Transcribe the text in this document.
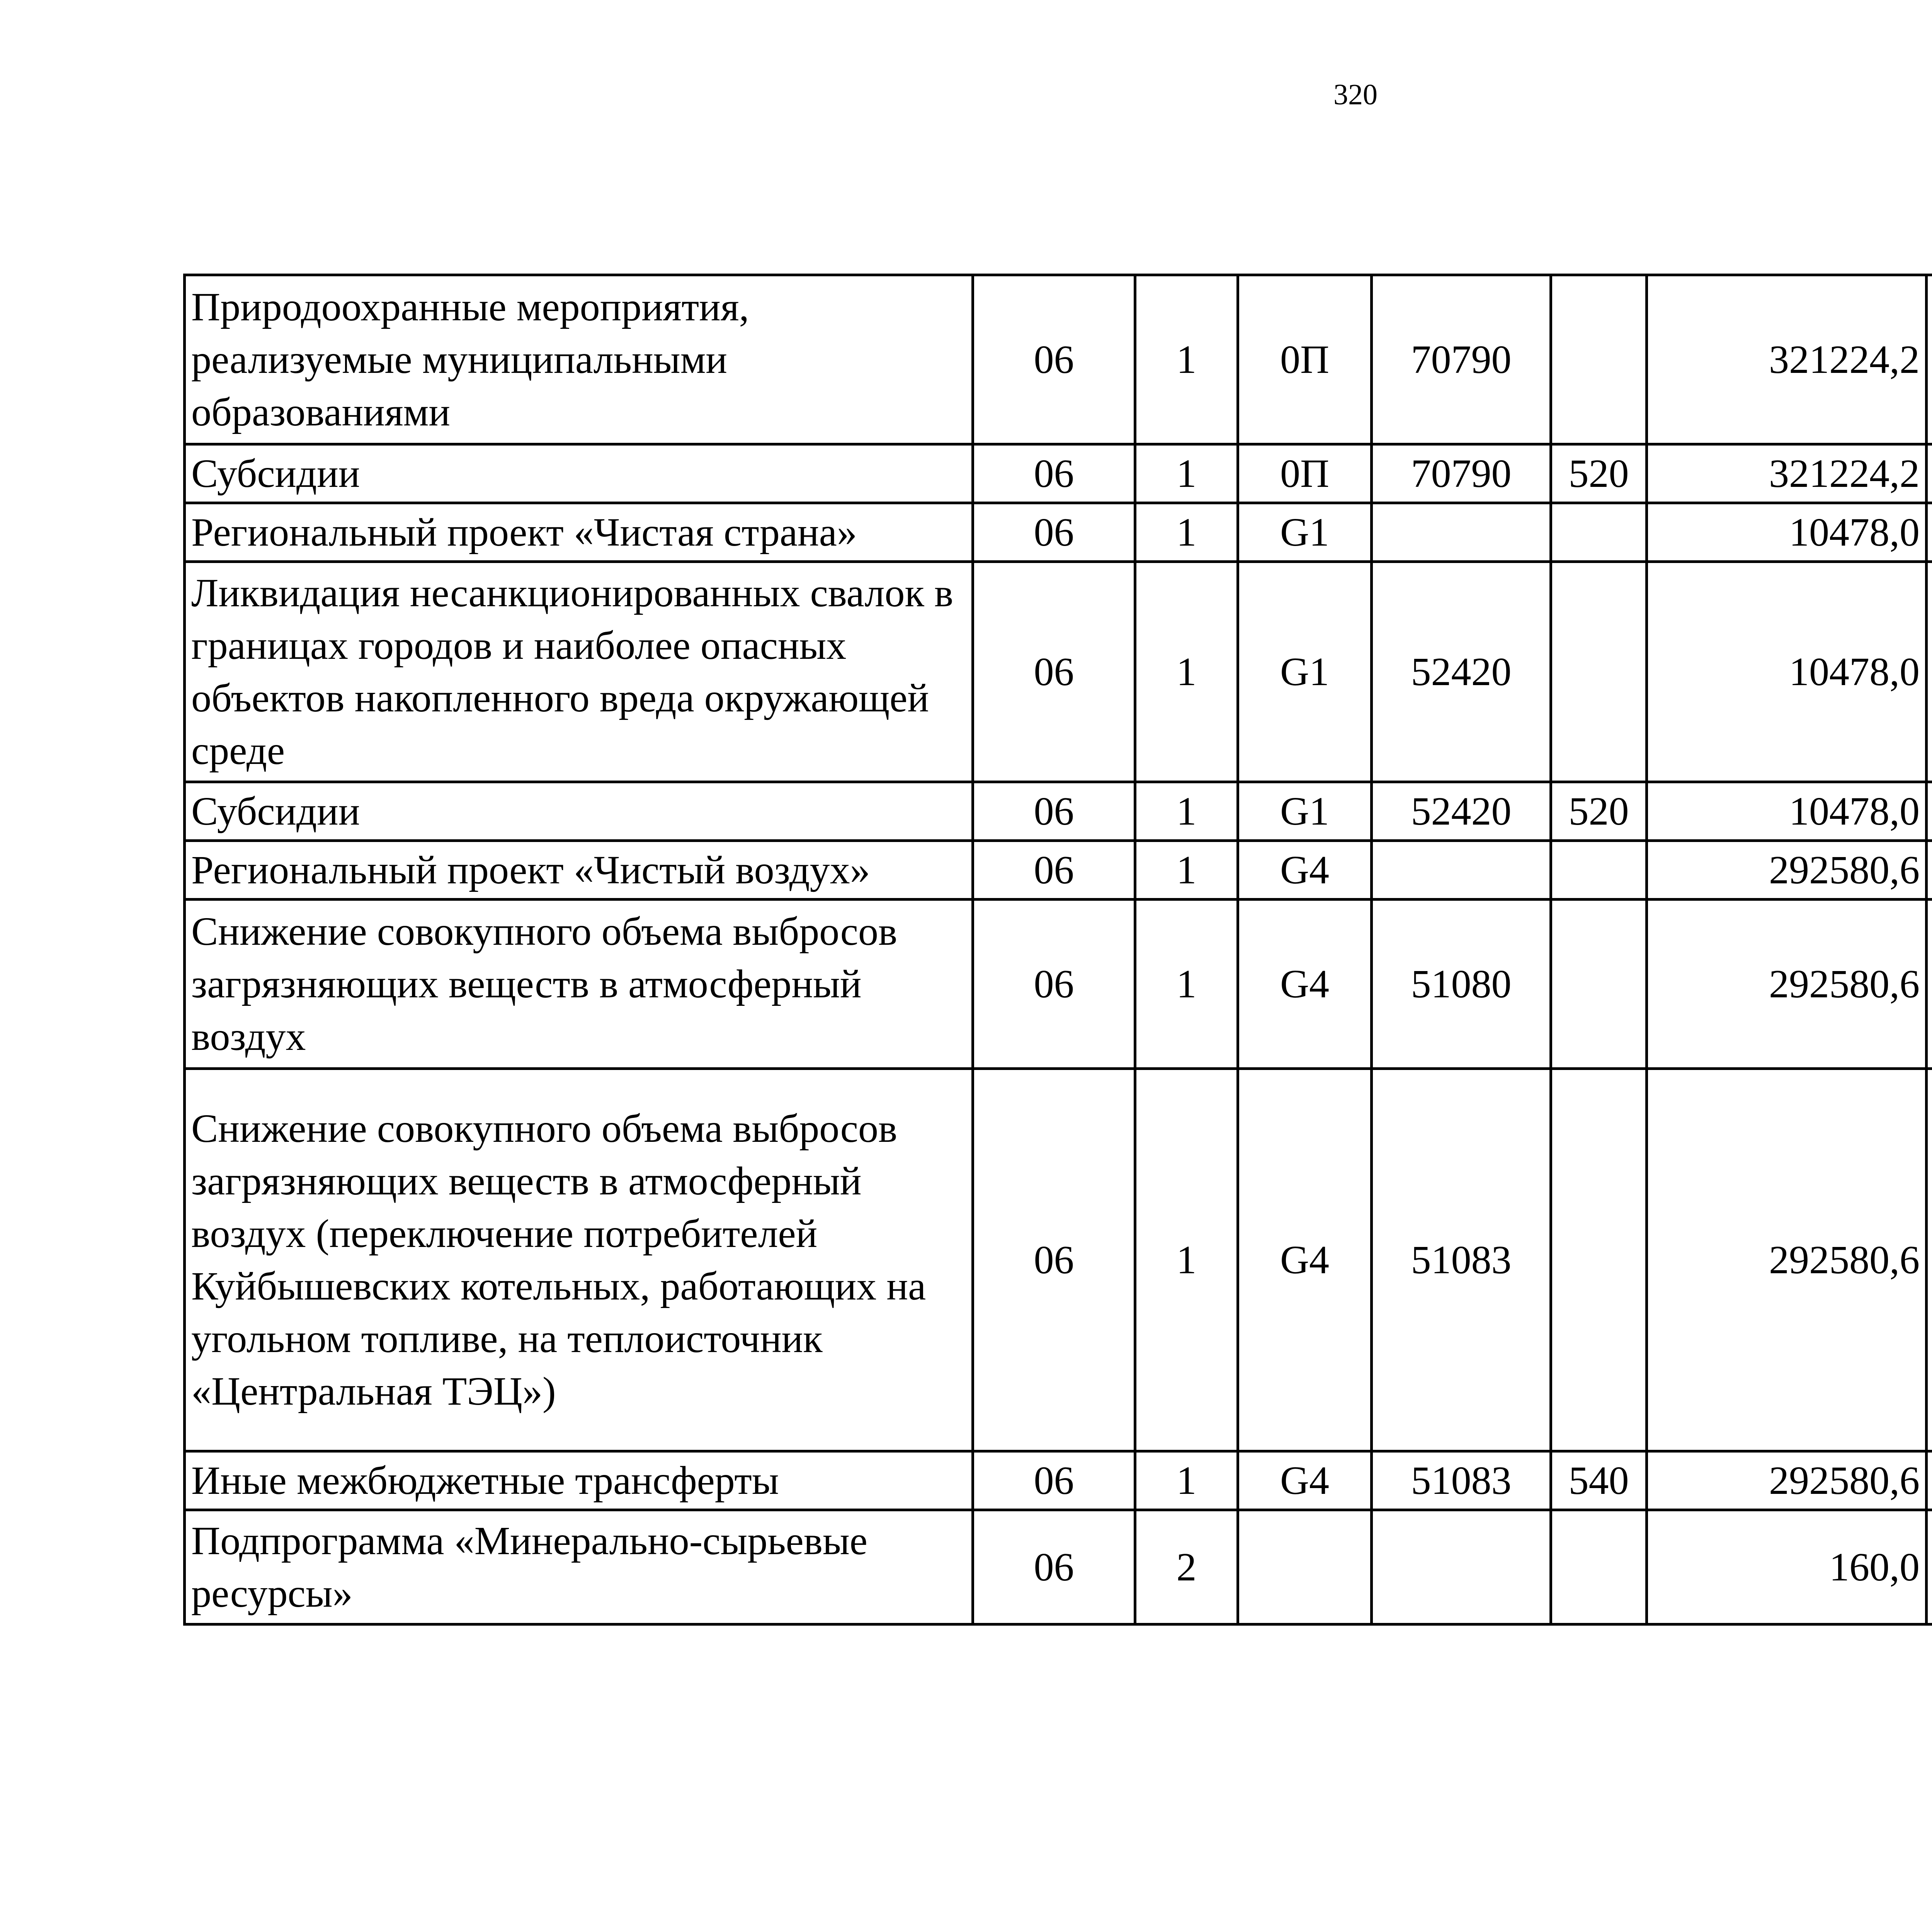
320
Природоохранные мероприятия, реализуемые муниципальными образованиями	06	1	0П	70790		321224,2		
Субсидии	06	1	0П	70790	520	321224,2		
Региональный проект «Чистая страна»	06	1	G1			10478,0		
Ликвидация несанкционированных свалок в границах городов и наиболее опасных объектов накопленного вреда окружающей среде	06	1	G1	52420		10478,0		
Субсидии	06	1	G1	52420	520	10478,0		
Региональный проект «Чистый воздух»	06	1	G4			292580,6		
Снижение совокупного объема выбросов загрязняющих веществ в атмосферный воздух	06	1	G4	51080		292580,6		
Снижение совокупного объема выбросов загрязняющих веществ в атмосферный воздух (переключение потребителей Куйбышевских котельных, работающих на угольном топливе, на теплоисточник «Центральная ТЭЦ»)	06	1	G4	51083		292580,6		
Иные межбюджетные трансферты	06	1	G4	51083	540	292580,6		
Подпрограмма «Минерально-сырьевые ресурсы»	06	2				160,0		
